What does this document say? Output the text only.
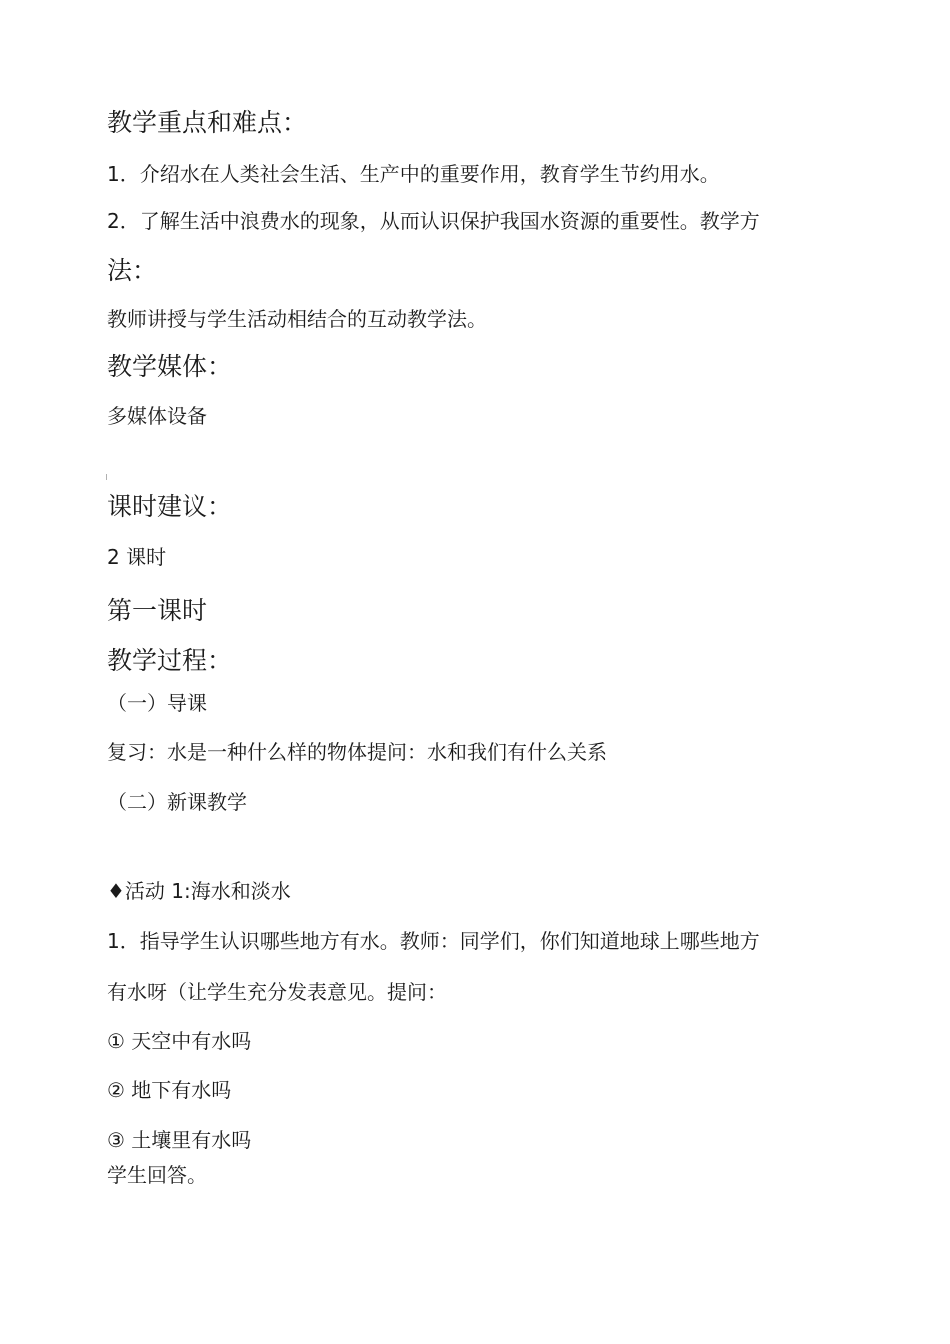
教学重点和难点：
1．介绍水在人类社会生活、生产中的重要作用，教育学生节约用水。
2．了解生活中浪费水的现象，从而认识保护我国水资源的重要性。教学方
法：
教师讲授与学生活动相结合的互动教学法。
教学媒体：
多媒体设备
课时建议：
2 课时
第一课时
教学过程：
（一）导课
复习：水是一种什么样的物体提问：水和我们有什么关系
（二）新课教学
♦活动 1:海水和淡水
1．指导学生认识哪些地方有水。教师：同学们，你们知道地球上哪些地方
有水呀（让学生充分发表意见。提问：
① 天空中有水吗
② 地下有水吗
③ 土壤里有水吗
学生回答。
